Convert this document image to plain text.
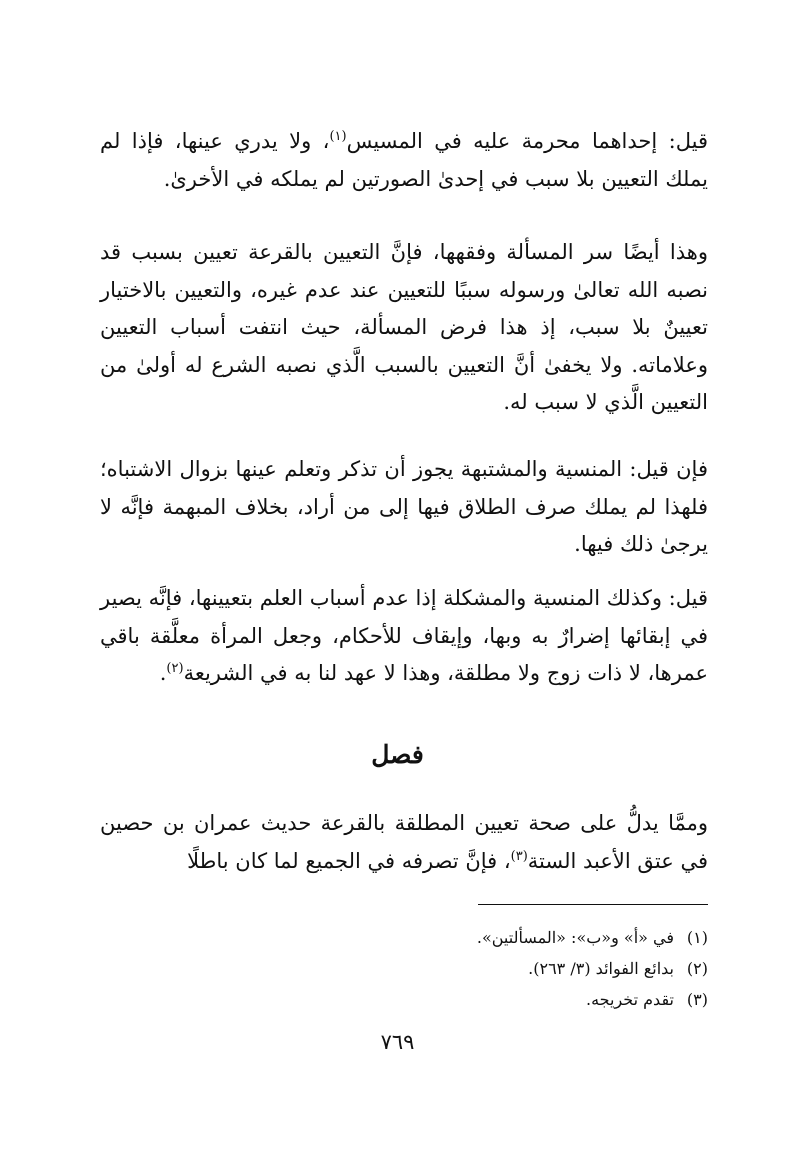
قيل: إحداهما محرمة عليه في المسيس$^{(١)}$، ولا يدري عينها، فإذا لم يملك التعيين بلا سبب في إحدىٰ الصورتين لم يملكه في الأخرىٰ.

وهذا أيضًا سر المسألة وفقهها، فإنَّ التعيين بالقرعة تعيين بسبب قد نصبه الله تعالىٰ ورسوله سببًا للتعيين عند عدم غيره، والتعيين بالاختيار تعيينٌ بلا سبب، إذ هذا فرض المسألة، حيث انتفت أسباب التعيين وعلاماته. ولا يخفىٰ أنَّ التعيين بالسبب الَّذي نصبه الشرع له أولىٰ من التعيين الَّذي لا سبب له.

فإن قيل: المنسية والمشتبهة يجوز أن تذكر وتعلم عينها بزوال الاشتباه؛ فلهذا لم يملك صرف الطلاق فيها إلى من أراد، بخلاف المبهمة فإنَّه لا يرجىٰ ذلك فيها.

قيل: وكذلك المنسية والمشكلة إذا عدم أسباب العلم بتعيينها، فإنَّه يصير في إبقائها إضرارٌ به وبها، وإيقاف للأحكام، وجعل المرأة معلَّقة باقي عمرها، لا ذات زوج ولا مطلقة، وهذا لا عهد لنا به في الشريعة$^{(٢)}$.

فصل

وممَّا يدلُّ على صحة تعيين المطلقة بالقرعة حديث عمران بن حصين في عتق الأعبد الستة$^{(٣)}$، فإنَّ تصرفه في الجميع لما كان باطلًا

(١)
في «أ» و«ب»: «المسألتين».
(٢)
بدائع الفوائد (٣/ ٢٦٣).
(٣)
تقدم تخريجه.
٧٦٩
